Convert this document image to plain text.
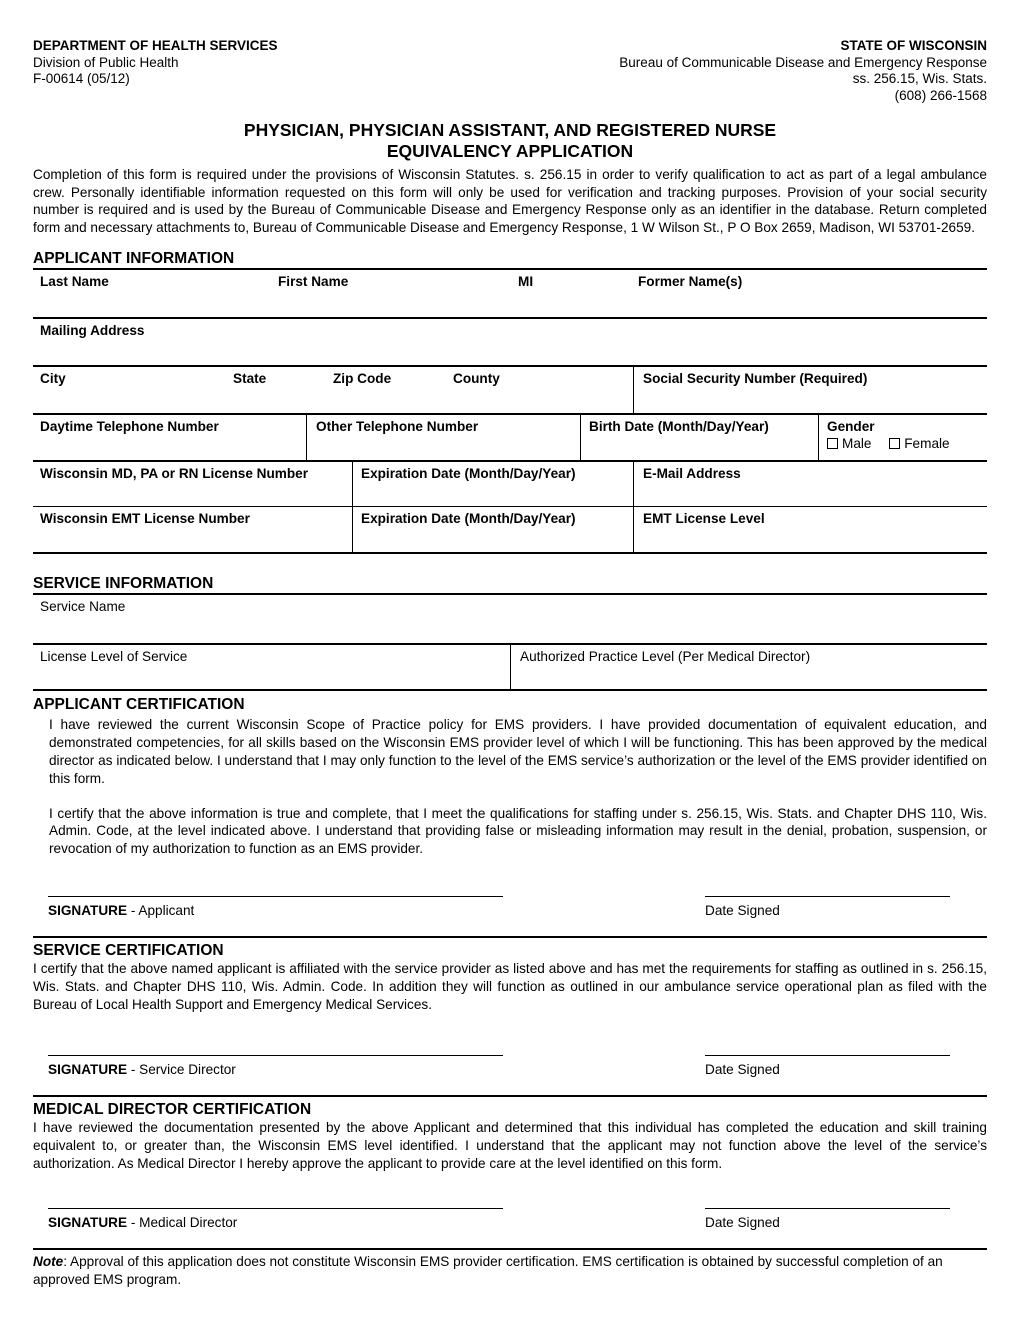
DEPARTMENT OF HEALTH SERVICES
Division of Public Health
F-00614 (05/12)
STATE OF WISCONSIN
Bureau of Communicable Disease and Emergency Response
ss. 256.15, Wis. Stats.
(608) 266-1568
PHYSICIAN, PHYSICIAN ASSISTANT, AND REGISTERED NURSE
EQUIVALENCY APPLICATION
Completion of this form is required under the provisions of Wisconsin Statutes. s. 256.15 in order to verify qualification to act as part of a legal ambulance crew. Personally identifiable information requested on this form will only be used for verification and tracking purposes. Provision of your social security number is required and is used by the Bureau of Communicable Disease and Emergency Response only as an identifier in the database. Return completed form and necessary attachments to, Bureau of Communicable Disease and Emergency Response, 1 W Wilson St., P O Box 2659, Madison, WI 53701-2659.
APPLICANT INFORMATION
Last Name	First Name	MI	Former Name(s)
Mailing Address
City	State	Zip Code	County	Social Security Number (Required)
Daytime Telephone Number	Other Telephone Number	Birth Date (Month/Day/Year)	Gender
Male Female
Wisconsin MD, PA or RN License Number	Expiration Date (Month/Day/Year)	E-Mail Address
Wisconsin EMT License Number	Expiration Date (Month/Day/Year)	EMT License Level
SERVICE INFORMATION
Service Name
License Level of Service	Authorized Practice Level (Per Medical Director)
APPLICANT CERTIFICATION
I have reviewed the current Wisconsin Scope of Practice policy for EMS providers. I have provided documentation of equivalent education, and demonstrated competencies, for all skills based on the Wisconsin EMS provider level of which I will be functioning. This has been approved by the medical director as indicated below. I understand that I may only function to the level of the EMS service’s authorization or the level of the EMS provider identified on this form.
I certify that the above information is true and complete, that I meet the qualifications for staffing under s. 256.15, Wis. Stats. and Chapter DHS 110, Wis. Admin. Code, at the level indicated above. I understand that providing false or misleading information may result in the denial, probation, suspension, or revocation of my authorization to function as an EMS provider.
SIGNATURE - Applicant	Date Signed
SERVICE CERTIFICATION
I certify that the above named applicant is affiliated with the service provider as listed above and has met the requirements for staffing as outlined in s. 256.15, Wis. Stats. and Chapter DHS 110, Wis. Admin. Code. In addition they will function as outlined in our ambulance service operational plan as filed with the Bureau of Local Health Support and Emergency Medical Services.
SIGNATURE - Service Director	Date Signed
MEDICAL DIRECTOR CERTIFICATION
I have reviewed the documentation presented by the above Applicant and determined that this individual has completed the education and skill training equivalent to, or greater than, the Wisconsin EMS level identified. I understand that the applicant may not function above the level of the service’s authorization. As Medical Director I hereby approve the applicant to provide care at the level identified on this form.
SIGNATURE - Medical Director	Date Signed
Note: Approval of this application does not constitute Wisconsin EMS provider certification. EMS certification is obtained by successful completion of an approved EMS program.
